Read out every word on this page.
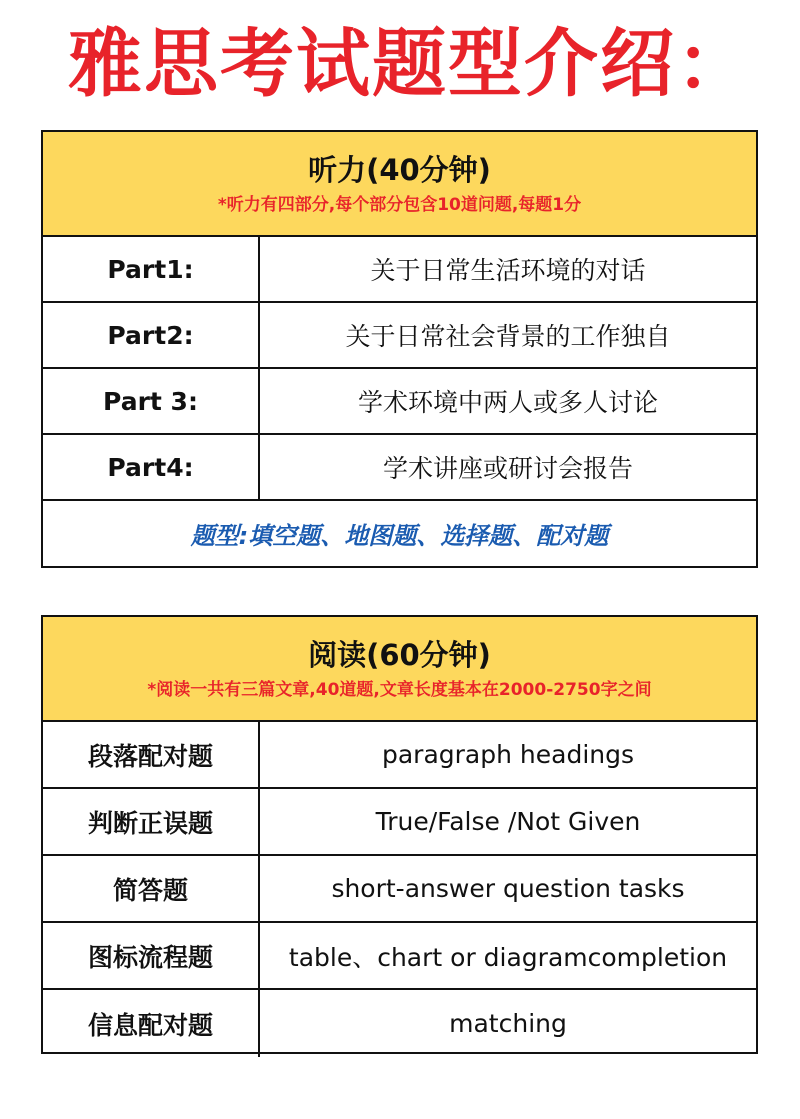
雅思考试题型介绍：
听力(40分钟)
*听力有四部分,每个部分包含10道问题,每题1分
Part1:	关于日常生活环境的对话
Part2:	关于日常社会背景的工作独自
Part 3:	学术环境中两人或多人讨论
Part4:	学术讲座或研讨会报告
题型:填空题、地图题、选择题、配对题
阅读(60分钟)
*阅读一共有三篇文章,40道题,文章长度基本在2000-2750字之间
段落配对题	paragraph headings
判断正误题	True/False /Not Given
简答题	short-answer question tasks
图标流程题	table、chart or diagramcompletion
信息配对题	matching
